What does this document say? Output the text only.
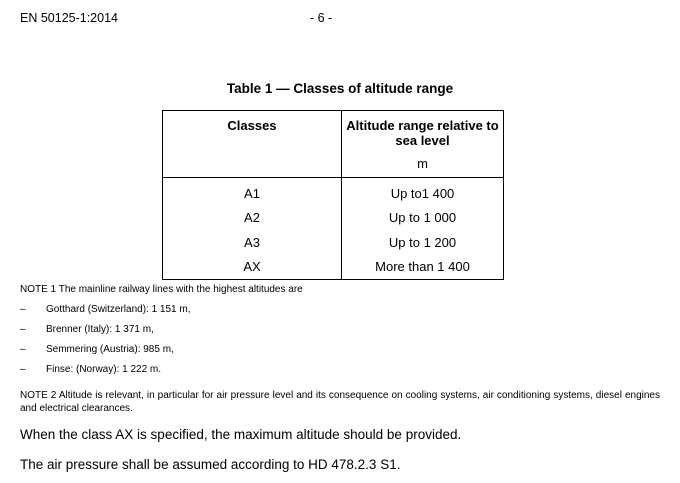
EN 50125-1:2014	- 6 -
Table 1 — Classes of altitude range
Classes	Altitude range relative to sea level
m

A1	Up to1 400
A2	Up to 1 000
A3	Up to 1 200
AX	More than 1 400
NOTE 1 The mainline railway lines with the highest altitudes are
– Gotthard (Switzerland): 1 151 m,
– Brenner (Italy): 1 371 m,
– Semmering (Austria): 985 m,
– Finse: (Norway): 1 222 m.
NOTE 2 Altitude is relevant, in particular for air pressure level and its consequence on cooling systems, air conditioning systems, diesel engines and electrical clearances.
When the class AX is specified, the maximum altitude should be provided.
The air pressure shall be assumed according to HD 478.2.3 S1.
